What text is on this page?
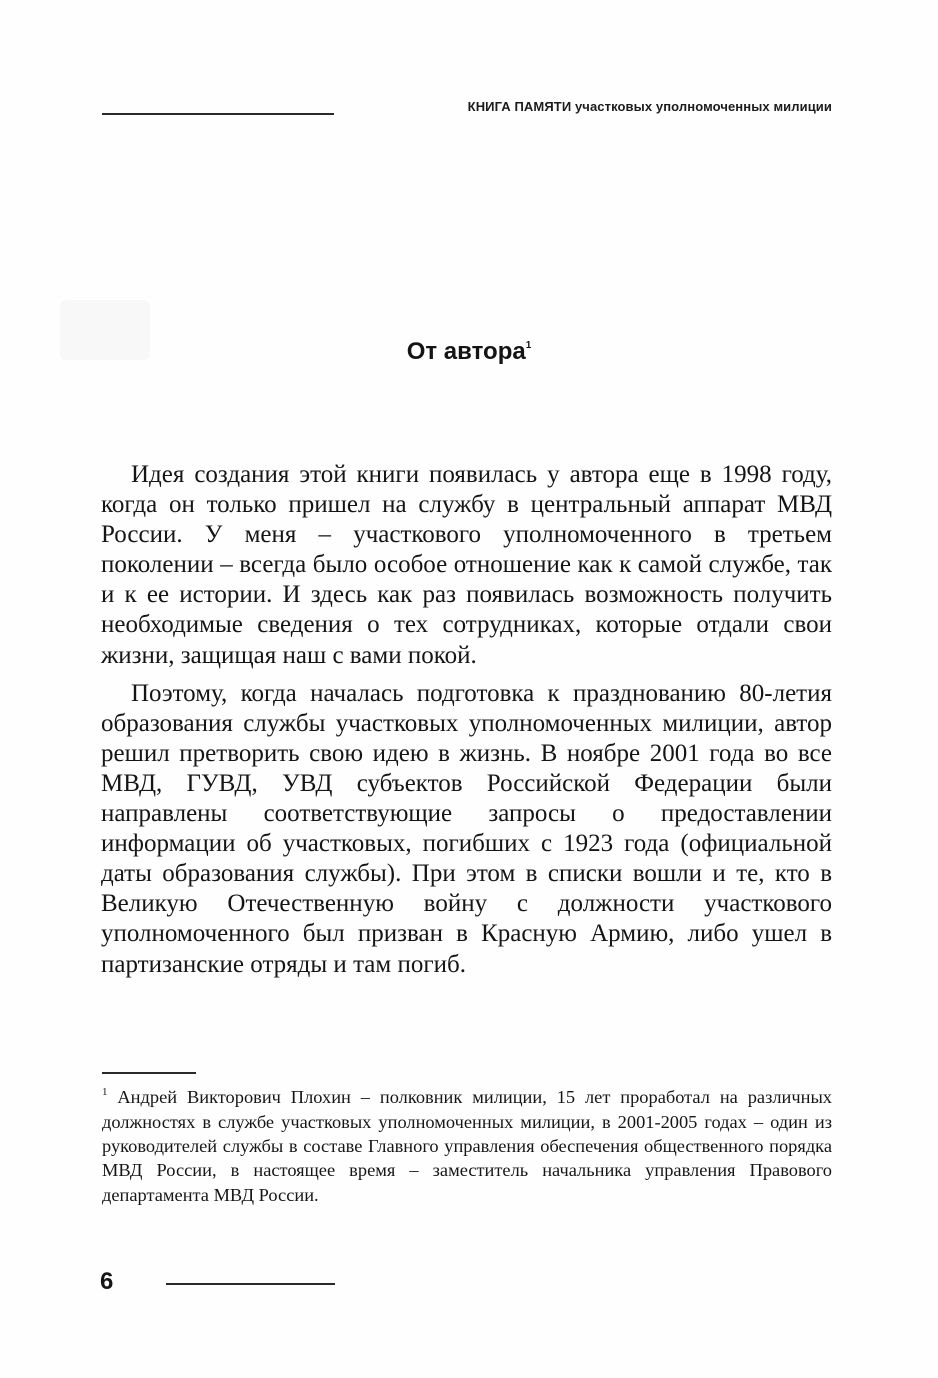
КНИГА ПАМЯТИ участковых уполномоченных милиции
От автора$^1$

Идея создания этой книги появилась у автора еще в 1998 году, когда он только пришел на службу в центральный аппарат МВД России. У меня – участкового уполномоченного в третьем поколении – всегда было особое отношение как к самой службе, так и к ее истории. И здесь как раз появилась возможность получить необходимые сведения о тех сотрудниках, которые отдали свои жизни, защищая наш с вами покой.

Поэтому, когда началась подготовка к празднованию 80-летия образования службы участковых уполномоченных милиции, автор решил претворить свою идею в жизнь. В ноябре 2001 года во все МВД, ГУВД, УВД субъектов Российской Федерации были направлены соответствующие запросы о предоставлении информации об участковых, погибших с 1923 года (официальной даты образования службы). При этом в списки вошли и те, кто в Великую Отечественную войну с должности участкового уполномоченного был призван в Красную Армию, либо ушел в партизанские отряды и там погиб.

$^1$ Андрей Викторович Плохин – полковник милиции, 15 лет проработал на различных должностях в службе участковых уполномоченных милиции, в 2001-2005 годах – один из руководителей службы в составе Главного управления обеспечения общественного порядка МВД России, в настоящее время – заместитель начальника управления Правового департамента МВД России.
6
